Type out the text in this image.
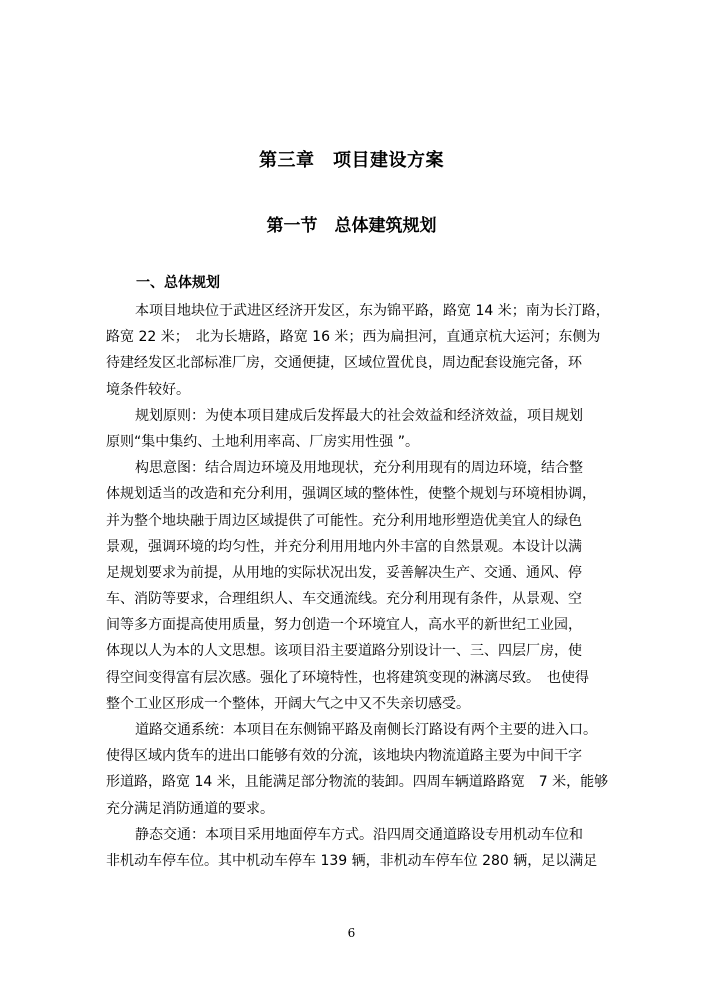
第三章　项目建设方案
第一节　总体建筑规划
一、总体规划
本项目地块位于武进区经济开发区，东为锦平路，路宽 14 米；南为长汀路，
路宽 22 米；　北为长塘路，路宽 16 米；西为扁担河，直通京杭大运河；东侧为
待建经发区北部标准厂房，交通便捷，区域位置优良，周边配套设施完备，环
境条件较好。
规划原则：为使本项目建成后发挥最大的社会效益和经济效益，项目规划
原则“集中集约、土地利用率高、厂房实用性强 ”。
构思意图：结合周边环境及用地现状，充分利用现有的周边环境，结合整
体规划适当的改造和充分利用，强调区域的整体性，使整个规划与环境相协调，
并为整个地块融于周边区域提供了可能性。充分利用地形塑造优美宜人的绿色
景观，强调环境的均匀性，并充分利用用地内外丰富的自然景观。本设计以满
足规划要求为前提，从用地的实际状况出发，妥善解决生产、交通、通风、停
车、消防等要求，合理组织人、车交通流线。充分利用现有条件，从景观、空
间等多方面提高使用质量，努力创造一个环境宜人，高水平的新世纪工业园，
体现以人为本的人文思想。该项目沿主要道路分别设计一、三、四层厂房，使
得空间变得富有层次感。强化了环境特性，也将建筑变现的淋漓尽致。　也使得
整个工业区形成一个整体，开阔大气之中又不失亲切感受。
道路交通系统：本项目在东侧锦平路及南侧长汀路设有两个主要的进入口。
使得区域内货车的进出口能够有效的分流，该地块内物流道路主要为中间干字
形道路，路宽 14 米，且能满足部分物流的装卸。四周车辆道路路宽　7 米，能够
充分满足消防通道的要求。
静态交通：本项目采用地面停车方式。沿四周交通道路设专用机动车位和
非机动车停车位。其中机动车停车 139 辆，非机动车停车位 280 辆，足以满足
6
